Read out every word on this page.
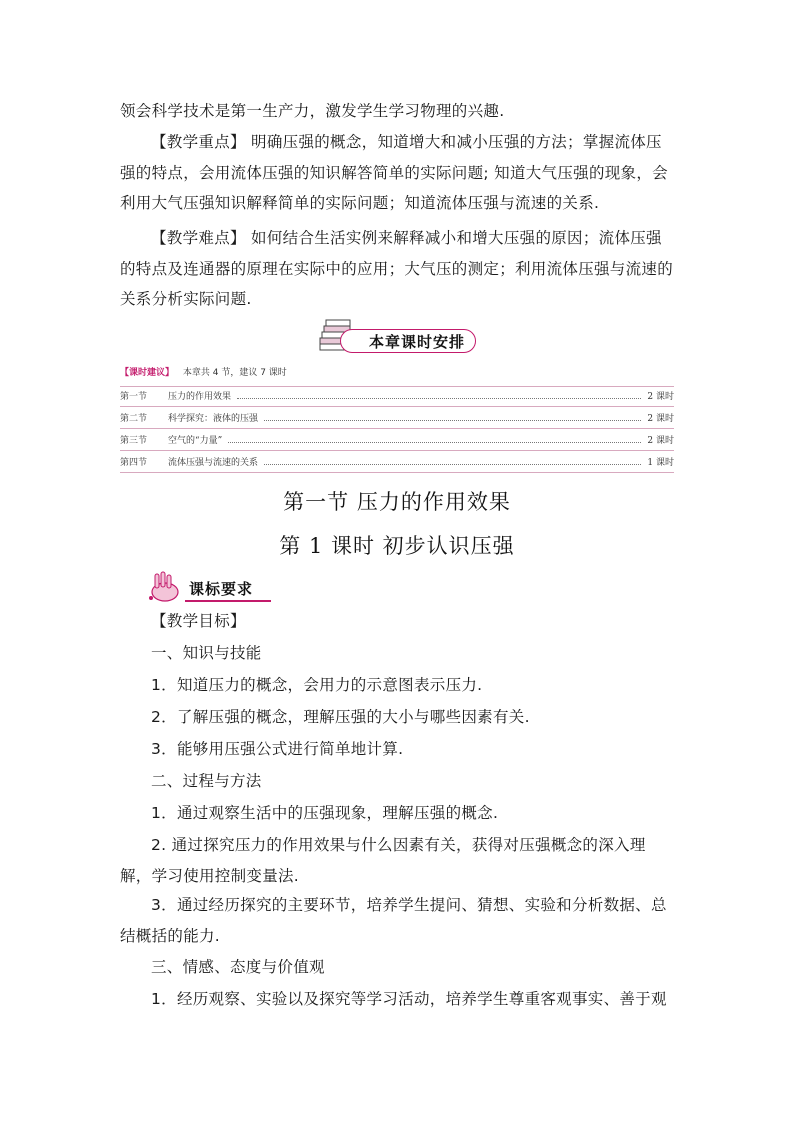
领会科学技术是第一生产力，激发学生学习物理的兴趣.

【教学重点】 明确压强的概念，知道增大和减小压强的方法；掌握流体压强的特点，会用流体压强的知识解答简单的实际问题; 知道大气压强的现象，会利用大气压强知识解释简单的实际问题；知道流体压强与流速的关系.

【教学难点】 如何结合生活实例来解释减小和增大压强的原因；流体压强的特点及连通器的原理在实际中的应用；大气压的测定；利用流体压强与流速的关系分析实际问题.

本章课时安排
【课时建议】 本章共 4 节，建议 7 课时
第一节	压力的作用效果	2 课时
第二节	科学探究：液体的压强	2 课时
第三节	空气的“力量”	2 课时
第四节	流体压强与流速的关系	1 课时
第一节 压力的作用效果
第 1 课时 初步认识压强
课标要求

【教学目标】

一、知识与技能

1．知道压力的概念，会用力的示意图表示压力.

2．了解压强的概念，理解压强的大小与哪些因素有关.

3．能够用压强公式进行简单地计算.

二、过程与方法

1．通过观察生活中的压强现象，理解压强的概念.

2. 通过探究压力的作用效果与什么因素有关，获得对压强概念的深入理解，学习使用控制变量法.

3．通过经历探究的主要环节，培养学生提问、猜想、实验和分析数据、总结概括的能力.

三、情感、态度与价值观

1．经历观察、实验以及探究等学习活动，培养学生尊重客观事实、善于观
